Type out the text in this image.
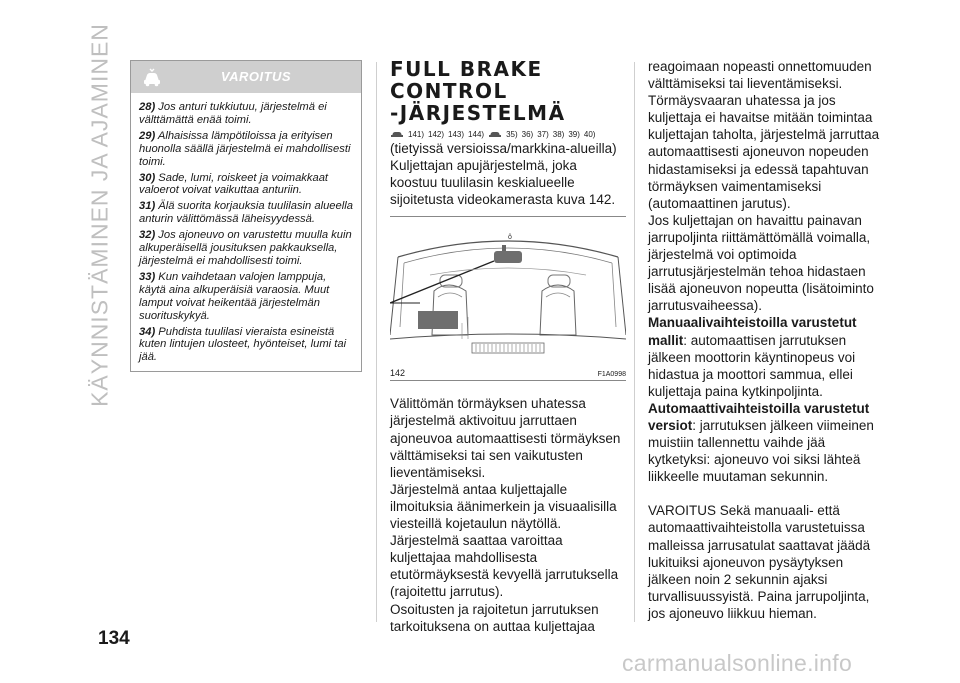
KÄYNNISTÄMINEN JA AJAMINEN
134
VAROITUS

28) Jos anturi tukkiutuu, järjestelmä ei välttämättä enää toimi.

29) Alhaisissa lämpötiloissa ja erityisen huonolla säällä järjestelmä ei mahdollisesti toimi.

30) Sade, lumi, roiskeet ja voimakkaat valoerot voivat vaikuttaa anturiin.

31) Älä suorita korjauksia tuulilasin alueella anturin välittömässä läheisyydessä.

32) Jos ajoneuvo on varustettu muulla kuin alkuperäisellä jousituksen pakkauksella, järjestelmä ei mahdollisesti toimi.

33) Kun vaihdetaan valojen lamppuja, käytä aina alkuperäisiä varaosia. Muut lamput voivat heikentää järjestelmän suorituskykyä.

34) Puhdista tuulilasi vieraista esineistä kuten lintujen ulosteet, hyönteiset, lumi tai jää.

FULL BRAKE
CONTROL
-JÄRJESTELMÄ
141) 142) 143) 144)	35) 36) 37) 38) 39) 40)

(tietyissä versioissa/markkina-alueilla)

Kuljettajan apujärjestelmä, joka koostuu tuulilasin keskialueelle sijoitetusta videokamerasta kuva 142.

ô
142	F1A0998

Välittömän törmäyksen uhatessa järjestelmä aktivoituu jarruttaen ajoneuvoa automaattisesti törmäyksen välttämiseksi tai sen vaikutusten lieventämiseksi.

Järjestelmä antaa kuljettajalle ilmoituksia äänimerkein ja visuaalisilla viesteillä kojetaulun näytöllä.

Järjestelmä saattaa varoittaa kuljettajaa mahdollisesta etutörmäyksestä kevyellä jarrutuksella (rajoitettu jarrutus).

Osoitusten ja rajoitetun jarrutuksen tarkoituksena on auttaa kuljettajaa

reagoimaan nopeasti onnettomuuden välttämiseksi tai lieventämiseksi.

Törmäysvaaran uhatessa ja jos kuljettaja ei havaitse mitään toimintaa kuljettajan taholta, järjestelmä jarruttaa automaattisesti ajoneuvon nopeuden hidastamiseksi ja edessä tapahtuvan törmäyksen vaimentamiseksi (automaattinen jarutus).

Jos kuljettajan on havaittu painavan jarrupoljinta riittämättömällä voimalla, järjestelmä voi optimoida jarrutusjärjestelmän tehoa hidastaen lisää ajoneuvon nopeutta (lisätoiminto jarrutusvaiheessa).

Manuaalivaihteistoilla varustetut mallit: automaattisen jarrutuksen jälkeen moottorin käyntinopeus voi hidastua ja moottori sammua, ellei kuljettaja paina kytkinpoljinta.

Automaattivaihteistoilla varustetut versiot: jarrutuksen jälkeen viimeinen muistiin tallennettu vaihde jää kytketyksi: ajoneuvo voi siksi lähteä liikkeelle muutaman sekunnin.

VAROITUS Sekä manuaali- että automaattivaihteistolla varustetuissa malleissa jarrusatulat saattavat jäädä lukituiksi ajoneuvon pysäytyksen jälkeen noin 2 sekunnin ajaksi turvallisuussyistä. Paina jarrupoljinta, jos ajoneuvo liikkuu hieman.

carmanualsonline.info
